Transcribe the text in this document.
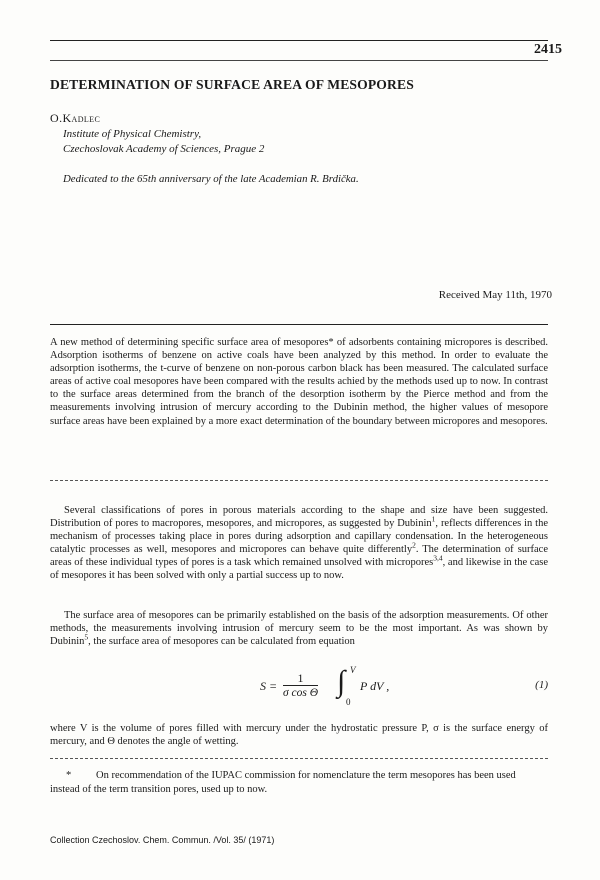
2415
DETERMINATION OF SURFACE AREA OF MESOPORES
O.Kadlec
Institute of Physical Chemistry,
Czechoslovak Academy of Sciences, Prague 2
Dedicated to the 65th anniversary of the late Academian R. Brdička.
Received May 11th, 1970
A new method of determining specific surface area of mesopores* of adsorbents containing micropores is described. Adsorption isotherms of benzene on active coals have been analyzed by this method. In order to evaluate the adsorption isotherms, the t-curve of benzene on non-porous carbon black has been measured. The calculated surface areas of active coal mesopores have been compared with the results achied by the methods used up to now. In contrast to the surface areas determined from the branch of the desorption isotherm by the Pierce method and from the measurements involving intrusion of mercury according to the Dubinin method, the higher values of mesopore surface areas have been explained by a more exact determination of the boundary between micropores and mesopores.

Several classifications of pores in porous materials according to the shape and size have been suggested. Distribution of pores to macropores, mesopores, and micropores, as suggested by Dubinin$^1$, reflects differences in the mechanism of processes taking place in pores during adsorption and capillary condensation. In the heterogeneous catalytic processes as well, mesopores and micropores can behave quite differently$^2$. The determination of surface areas of these individual types of pores is a task which remained unsolved with micropores$^{3,4}$, and likewise in the case of mesopores it has been solved with only a partial success up to now.

The surface area of mesopores can be primarily established on the basis of the adsorption measurements. Of other methods, the measurements involving intrusion of mercury seem to be the most important. As was shown by Dubinin$^5$, the surface area of mesopores can be calculated from equation

$S = \frac{1}{\text{σ cos Θ}}$ ∫ V
0
P dV ,	(1)

where V is the volume of pores filled with mercury under the hydrostatic pressure P, σ is the surface energy of mercury, and Θ denotes the angle of wetting.

* On recommendation of the IUPAC commission for nomenclature the term mesopores has been used instead of the term transition pores, used up to now.
Collection Czechoslov. Chem. Commun. /Vol. 35/ (1971)
